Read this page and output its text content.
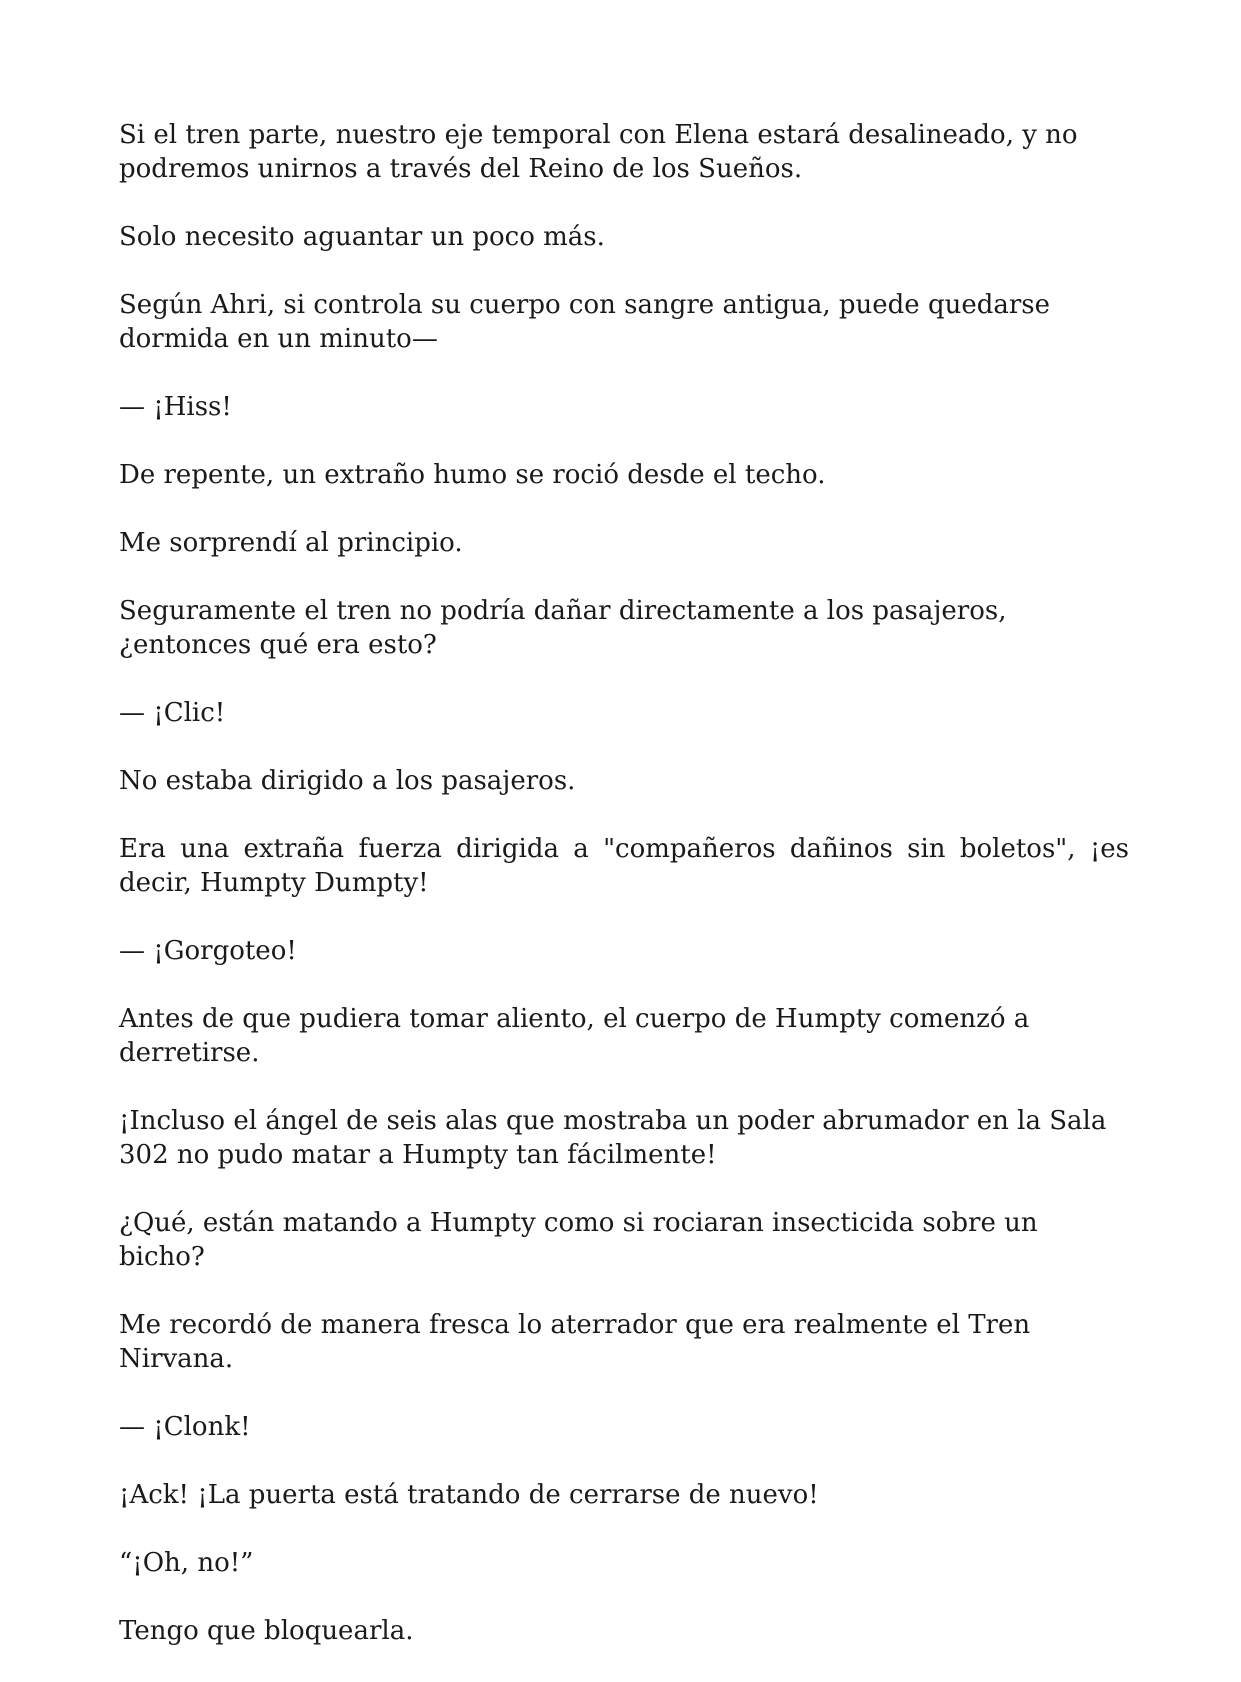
Si el tren parte, nuestro eje temporal con Elena estará desalineado, y no podremos unirnos a través del Reino de los Sueños.

Solo necesito aguantar un poco más.

Según Ahri, si controla su cuerpo con sangre antigua, puede quedarse dormida en un minuto—

— ¡Hiss!

De repente, un extraño humo se roció desde el techo.

Me sorprendí al principio.

Seguramente el tren no podría dañar directamente a los pasajeros, ¿entonces qué era esto?

— ¡Clic!

No estaba dirigido a los pasajeros.

Era una extraña fuerza dirigida a "compañeros dañinos sin boletos", ¡es decir, Humpty Dumpty!

— ¡Gorgoteo!

Antes de que pudiera tomar aliento, el cuerpo de Humpty comenzó a derretirse.

¡Incluso el ángel de seis alas que mostraba un poder abrumador en la Sala 302 no pudo matar a Humpty tan fácilmente!

¿Qué, están matando a Humpty como si rociaran insecticida sobre un bicho?

Me recordó de manera fresca lo aterrador que era realmente el Tren Nirvana.

— ¡Clonk!

¡Ack! ¡La puerta está tratando de cerrarse de nuevo!

“¡Oh, no!”

Tengo que bloquearla.
